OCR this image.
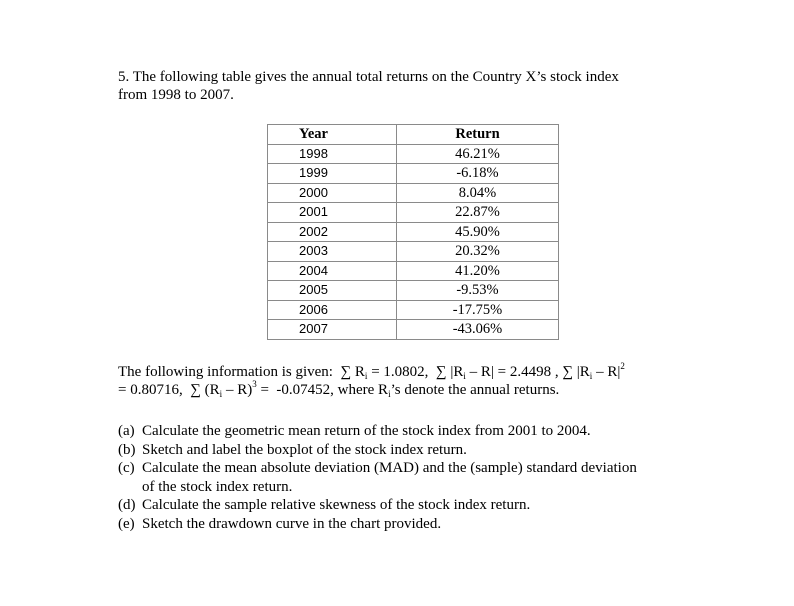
5. The following table gives the annual total returns on the Country X’s stock index
from 1998 to 2007.
Year	Return
1998	46.21%
1999	-6.18%
2000	8.04%
2001	22.87%
2002	45.90%
2003	20.32%
2004	41.20%
2005	-9.53%
2006	-17.75%
2007	-43.06%
The following information is given:  ∑ $R_i = 1.0802$,  ∑ $|R_i - R| = 2.4498$ , ∑ $|R_i - R|^2$
= 0.80716,  ∑ $(R_i - R)^3 = -0.07452$, where $R_i’s$ denote the annual returns.
(a) Calculate the geometric mean return of the stock index from 2001 to 2004.
(b) Sketch and label the boxplot of the stock index return.
(c) Calculate the mean absolute deviation (MAD) and the (sample) standard deviation
of the stock index return.
(d) Calculate the sample relative skewness of the stock index return.
(e) Sketch the drawdown curve in the chart provided.
